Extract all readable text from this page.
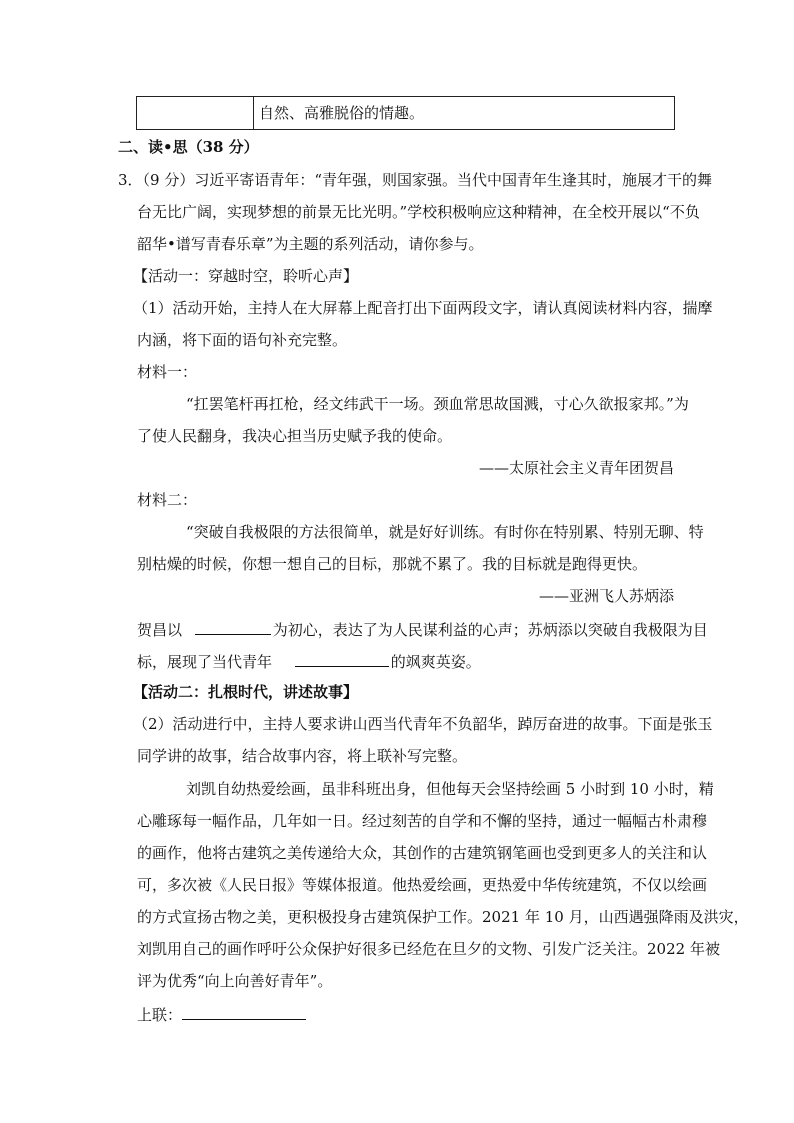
自然、高雅脱俗的情趣。
二、读•思（38 分）
3．（9 分）习近平寄语青年：“青年强，则国家强。当代中国青年生逢其时，施展才干的舞
台无比广阔，实现梦想的前景无比光明。”学校积极响应这种精神，在全校开展以“不负
韶华•谱写青春乐章”为主题的系列活动，请你参与。
【活动一：穿越时空，聆听心声】
（1）活动开始，主持人在大屏幕上配音打出下面两段文字，请认真阅读材料内容，揣摩
内涵，将下面的语句补充完整。
材料一：
“扛罢笔杆再扛枪，经文纬武干一场。颈血常思故国溅，寸心久欲报家邦。”为
了使人民翻身，我决心担当历史赋予我的使命。
——太原社会主义青年团贺昌
材料二：
“突破自我极限的方法很简单，就是好好训练。有时你在特别累、特别无聊、特
别枯燥的时候，你想一想自己的目标，那就不累了。我的目标就是跑得更快。
——亚洲飞人苏炳添
贺昌以	为初心，表达了为人民谋利益的心声；苏炳添以突破自我极限为目
标，展现了当代青年	的飒爽英姿。
【活动二：扎根时代，讲述故事】
（2）活动进行中，主持人要求讲山西当代青年不负韶华，踔厉奋进的故事。下面是张玉
同学讲的故事，结合故事内容，将上联补写完整。
刘凯自幼热爱绘画，虽非科班出身，但他每天会坚持绘画 5 小时到 10 小时，精
心雕琢每一幅作品，几年如一日。经过刻苦的自学和不懈的坚持，通过一幅幅古朴肃穆
的画作，他将古建筑之美传递给大众，其创作的古建筑钢笔画也受到更多人的关注和认
可，多次被《人民日报》等媒体报道。他热爱绘画，更热爱中华传统建筑，不仅以绘画
的方式宣扬古物之美，更积极投身古建筑保护工作。2021 年 10 月，山西遇强降雨及洪灾，
刘凯用自己的画作呼吁公众保护好很多已经危在旦夕的文物、引发广泛关注。2022 年被
评为优秀“向上向善好青年”。
上联：
